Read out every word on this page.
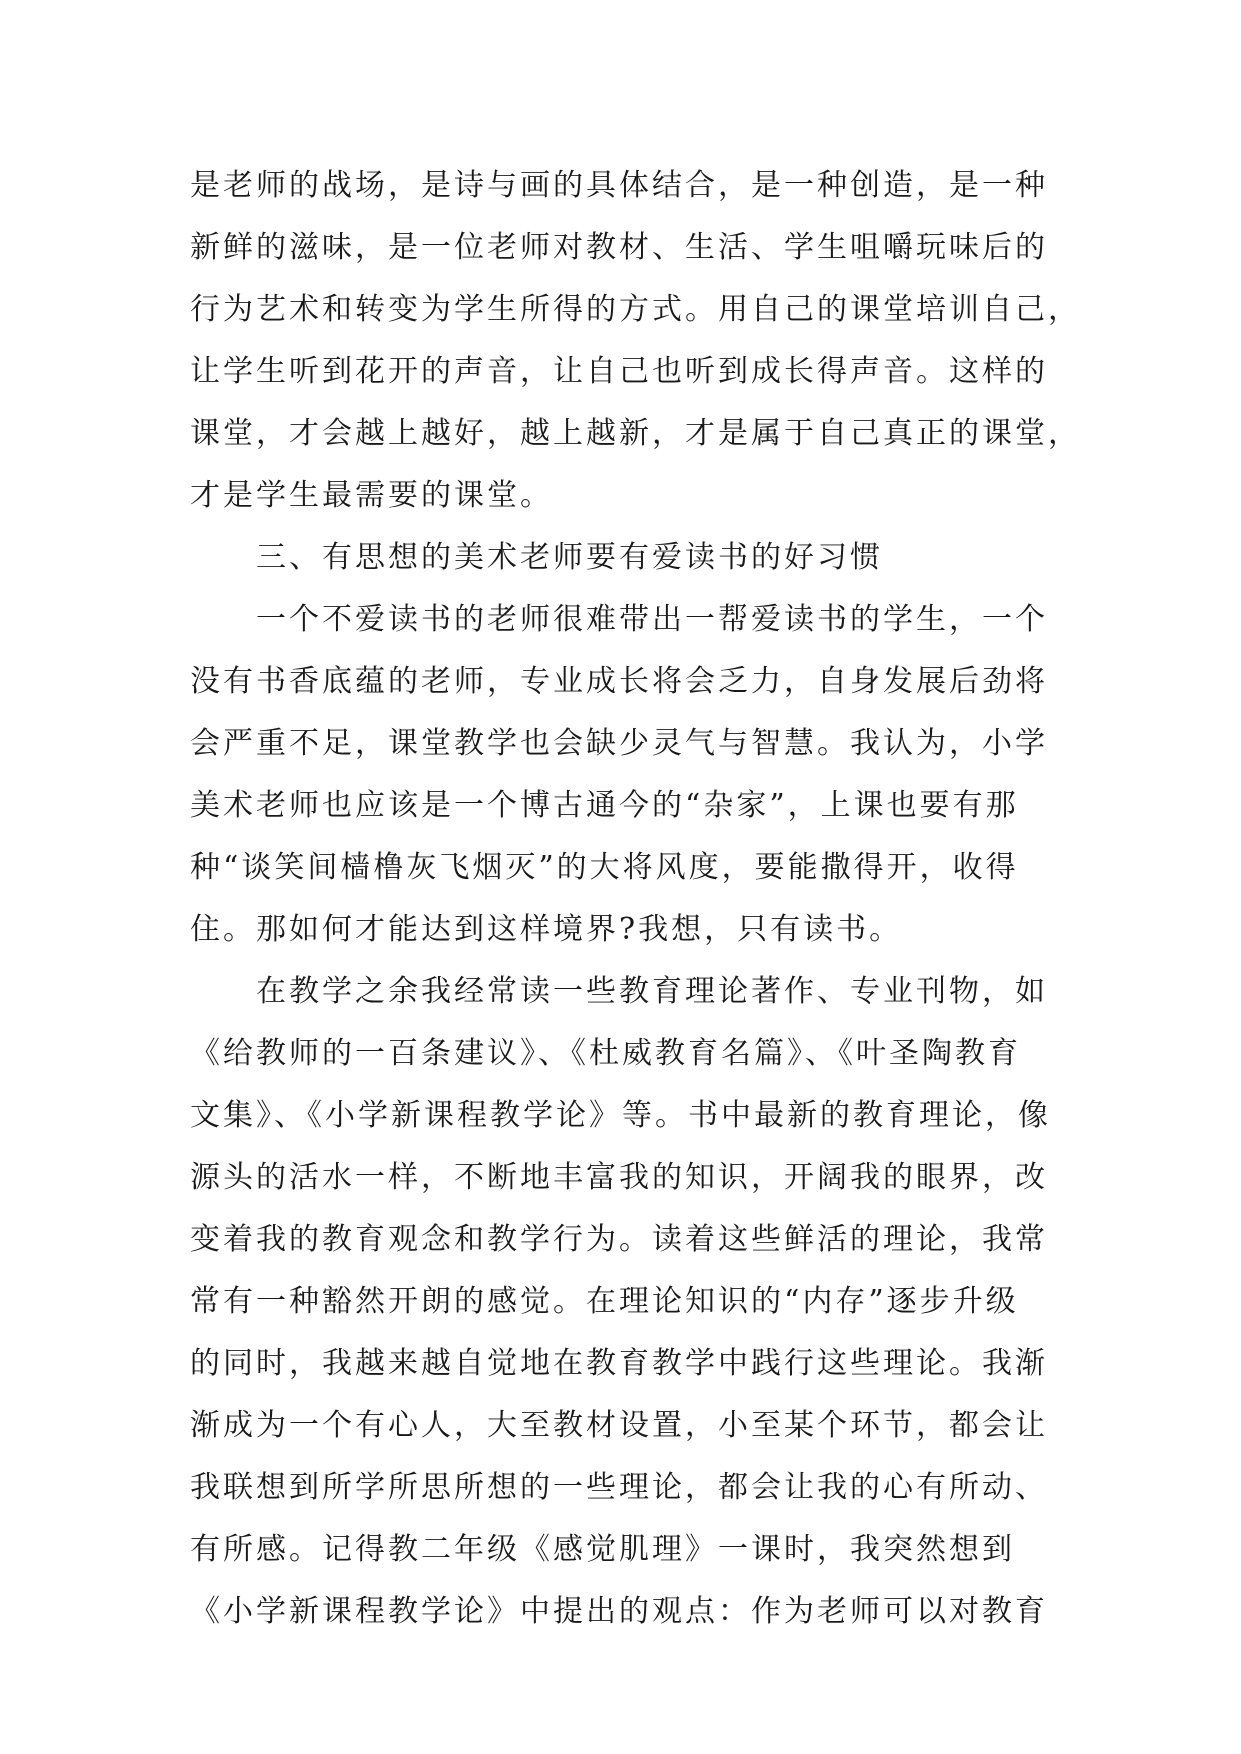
是老师的战场，是诗与画的具体结合，是一种创造，是一种
新鲜的滋味，是一位老师对教材、生活、学生咀嚼玩味后的
行为艺术和转变为学生所得的方式。用自己的课堂培训自己，
让学生听到花开的声音，让自己也听到成长得声音。这样的
课堂，才会越上越好，越上越新，才是属于自己真正的课堂，
才是学生最需要的课堂。
三、有思想的美术老师要有爱读书的好习惯
一个不爱读书的老师很难带出一帮爱读书的学生，一个
没有书香底蕴的老师，专业成长将会乏力，自身发展后劲将
会严重不足，课堂教学也会缺少灵气与智慧。我认为，小学
美术老师也应该是一个博古通今的“杂家”，上课也要有那
种“谈笑间樯橹灰飞烟灭”的大将风度，要能撒得开，收得
住。那如何才能达到这样境界?我想，只有读书。
在教学之余我经常读一些教育理论著作、专业刊物，如
《给教师的一百条建议》、《杜威教育名篇》、《叶圣陶教育
文集》、《小学新课程教学论》等。书中最新的教育理论，像
源头的活水一样，不断地丰富我的知识，开阔我的眼界，改
变着我的教育观念和教学行为。读着这些鲜活的理论，我常
常有一种豁然开朗的感觉。在理论知识的“内存”逐步升级
的同时，我越来越自觉地在教育教学中践行这些理论。我渐
渐成为一个有心人，大至教材设置，小至某个环节，都会让
我联想到所学所思所想的一些理论，都会让我的心有所动、
有所感。记得教二年级《感觉肌理》一课时，我突然想到
《小学新课程教学论》中提出的观点：作为老师可以对教育
